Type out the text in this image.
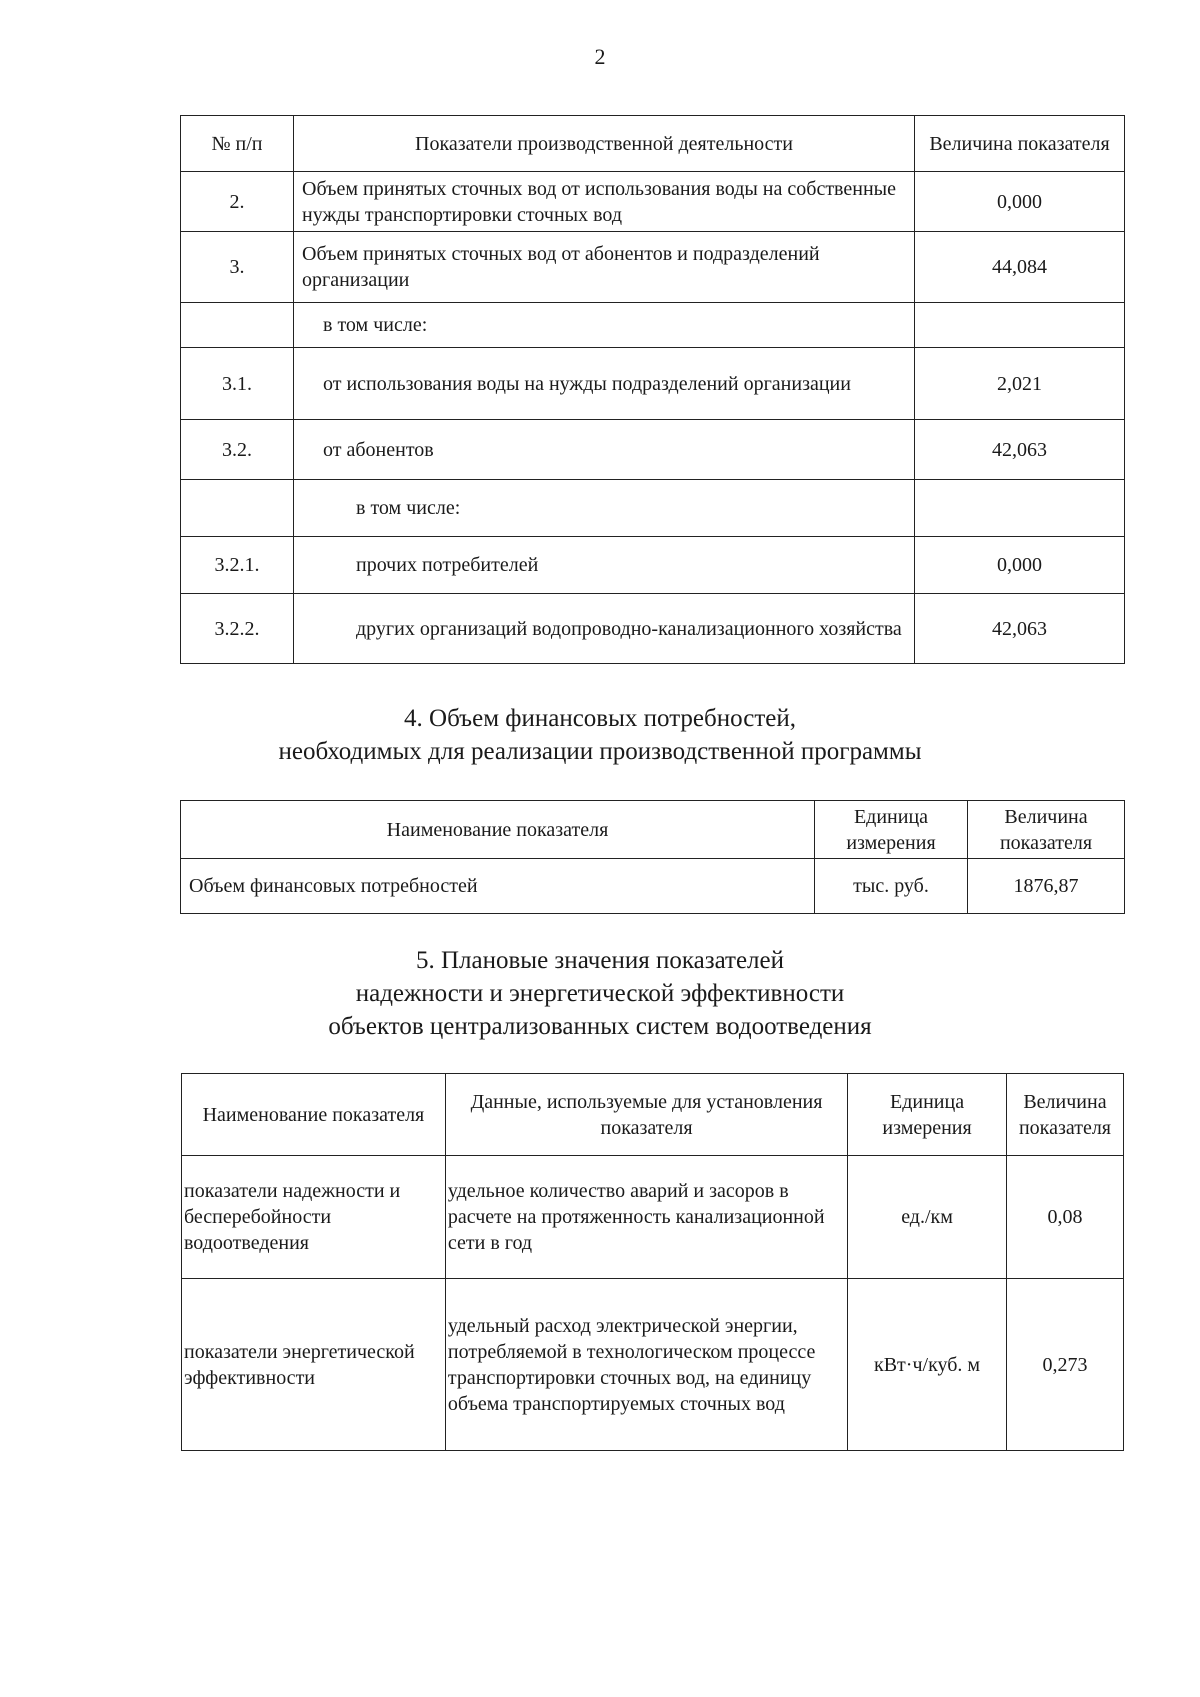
2
№ п/п	Показатели производственной деятельности	Величина показателя
2.	Объем принятых сточных вод от использования воды на собственные нужды транспортировки сточных вод	0,000
3.	Объем принятых сточных вод от абонентов и подразделений организации	44,084
	в том числе:	
3.1.	от использования воды на нужды подразделений организации	2,021
3.2.	от абонентов	42,063
	в том числе:	
3.2.1.	прочих потребителей	0,000
3.2.2.	других организаций водопроводно-канализационного хозяйства	42,063
4. Объем финансовых потребностей,
необходимых для реализации производственной программы
Наименование показателя	Единица измерения	Величина показателя
Объем финансовых потребностей	тыс. руб.	1876,87
5. Плановые значения показателей
надежности и энергетической эффективности
объектов централизованных систем водоотведения
Наименование показателя	Данные, используемые для установления показателя	Единица измерения	Величина показателя
показатели надежности и бесперебойности водоотведения	удельное количество аварий и засоров в расчете на протяженность канализационной сети в год	ед./км	0,08
показатели энергетической эффективности	удельный расход электрической энергии, потребляемой в технологическом процессе транспортировки сточных вод, на единицу объема транспортируемых сточных вод	кВт·ч/куб. м	0,273
